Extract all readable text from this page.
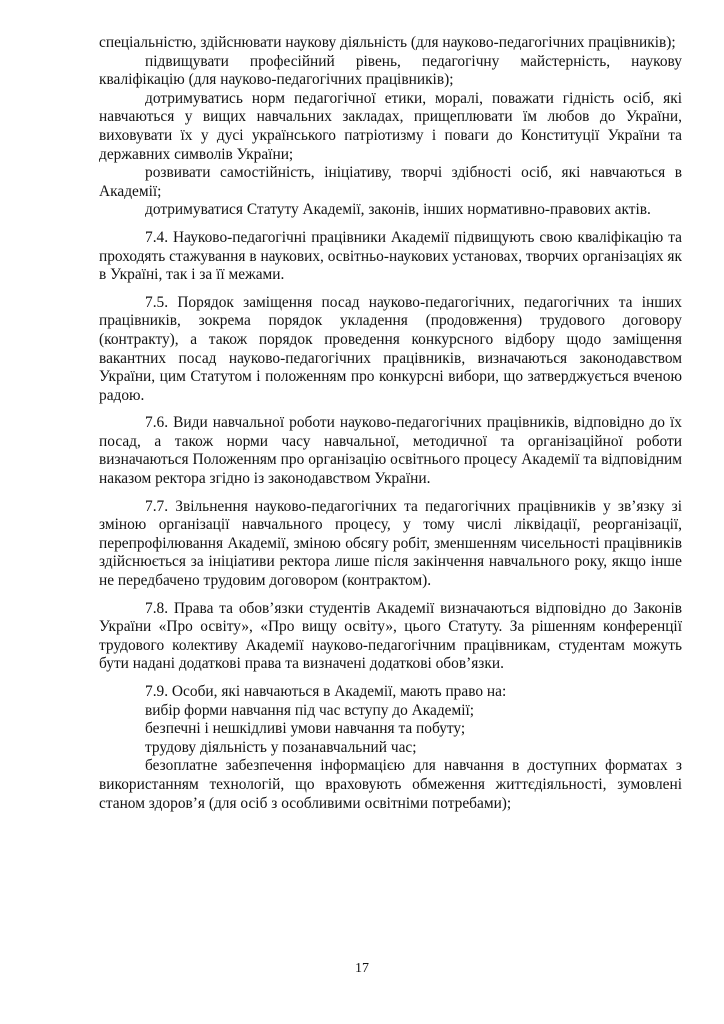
спеціальністю, здійснювати наукову діяльність (для науково-педагогічних працівників);

підвищувати професійний рівень, педагогічну майстерність, наукову кваліфікацію (для науково-педагогічних працівників);

дотримуватись норм педагогічної етики, моралі, поважати гідність осіб, які навчаються у вищих навчальних закладах, прищеплювати їм любов до України, виховувати їх у дусі українського патріотизму і поваги до Конституції України та державних символів України;

розвивати самостійність, ініціативу, творчі здібності осіб, які навчаються в Академії;

дотримуватися Статуту Академії, законів, інших нормативно-правових актів.

7.4. Науково-педагогічні працівники Академії підвищують свою кваліфікацію та проходять стажування в наукових, освітньо-наукових установах, творчих організаціях як в Україні, так і за її межами.

7.5. Порядок заміщення посад науково-педагогічних, педагогічних та інших працівників, зокрема порядок укладення (продовження) трудового договору (контракту), а також порядок проведення конкурсного відбору щодо заміщення вакантних посад науково-педагогічних працівників, визначаються законодавством України, цим Статутом і положенням про конкурсні вибори, що затверджується вченою радою.

7.6. Види навчальної роботи науково-педагогічних працівників, відповідно до їх посад, а також норми часу навчальної, методичної та організаційної роботи визначаються Положенням про організацію освітнього процесу Академії та відповідним наказом ректора згідно із законодавством України.

7.7. Звільнення науково-педагогічних та педагогічних працівників у зв’язку зі зміною організації навчального процесу, у тому числі ліквідації, реорганізації, перепрофілювання Академії, зміною обсягу робіт, зменшенням чисельності працівників здійснюється за ініціативи ректора лише після закінчення навчального року, якщо інше не передбачено трудовим договором (контрактом).

7.8. Права та обов’язки студентів Академії визначаються відповідно до Законів України «Про освіту», «Про вищу освіту», цього Статуту. За рішенням конференції трудового колективу Академії науково-педагогічним працівникам, студентам можуть бути надані додаткові права та визначені додаткові обов’язки.

7.9. Особи, які навчаються в Академії, мають право на:

вибір форми навчання під час вступу до Академії;

безпечні і нешкідливі умови навчання та побуту;

трудову діяльність у позанавчальний час;

безоплатне забезпечення інформацією для навчання в доступних форматах з використанням технологій, що враховують обмеження життєдіяльності, зумовлені станом здоров’я (для осіб з особливими освітніми потребами);

17
